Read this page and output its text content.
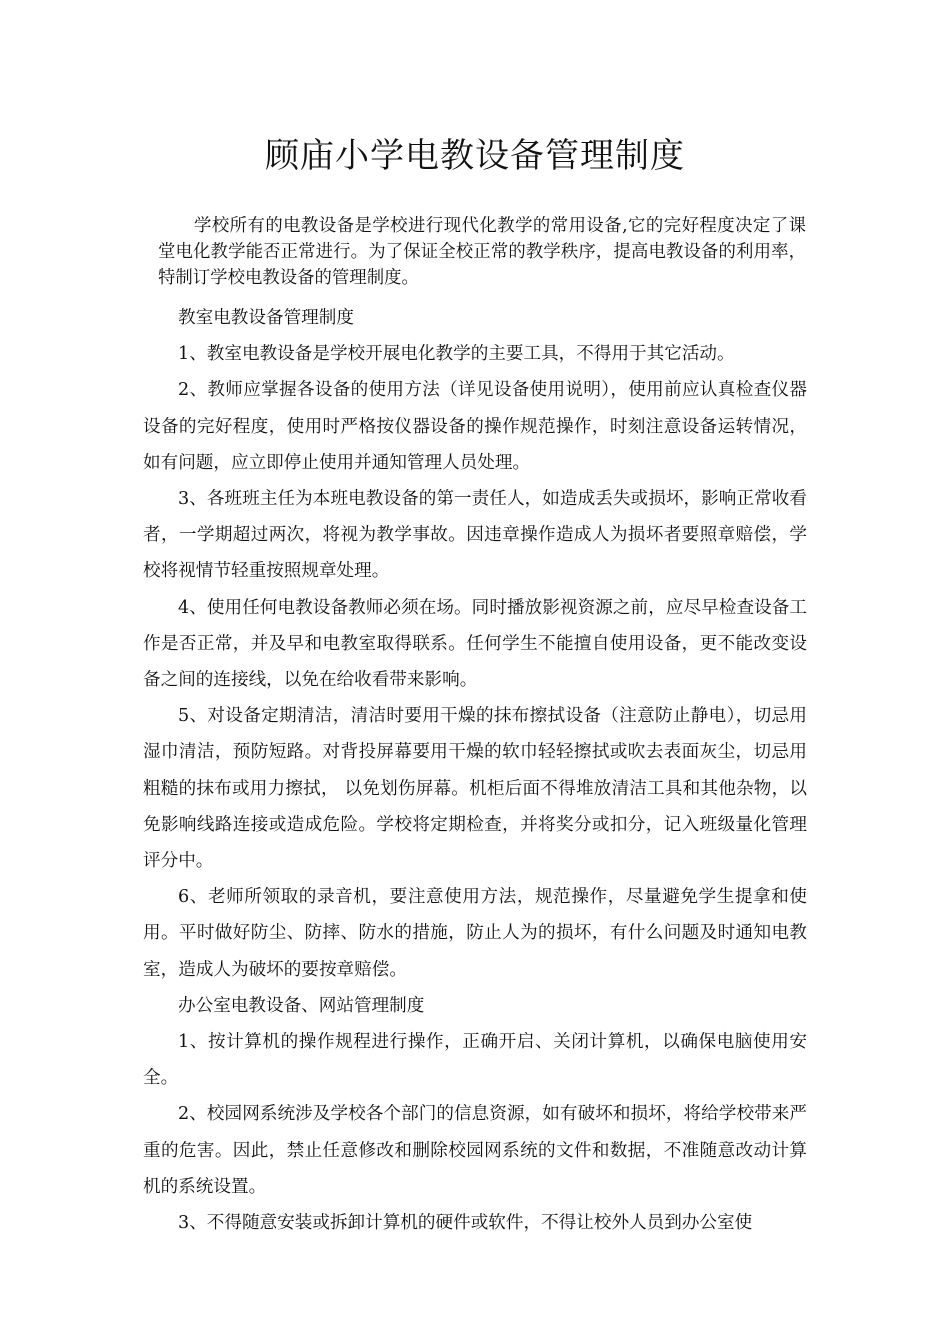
顾庙小学电教设备管理制度

学校所有的电教设备是学校进行现代化教学的常用设备,它的完好程度决定了课堂电化教学能否正常进行。为了保证全校正常的教学秩序，提高电教设备的利用率，特制订学校电教设备的管理制度。

教室电教设备管理制度

1、教室电教设备是学校开展电化教学的主要工具，不得用于其它活动。

2、教师应掌握各设备的使用方法（详见设备使用说明），使用前应认真检查仪器设备的完好程度，使用时严格按仪器设备的操作规范操作，时刻注意设备运转情况，如有问题，应立即停止使用并通知管理人员处理。

3、各班班主任为本班电教设备的第一责任人，如造成丢失或损坏，影响正常收看者，一学期超过两次，将视为教学事故。因违章操作造成人为损坏者要照章赔偿，学校将视情节轻重按照规章处理。

4、使用任何电教设备教师必须在场。同时播放影视资源之前，应尽早检查设备工作是否正常，并及早和电教室取得联系。任何学生不能擅自使用设备，更不能改变设备之间的连接线，以免在给收看带来影响。

5、对设备定期清洁，清洁时要用干燥的抹布擦拭设备（注意防止静电），切忌用湿巾清洁，预防短路。对背投屏幕要用干燥的软巾轻轻擦拭或吹去表面灰尘，切忌用粗糙的抹布或用力擦拭， 以免划伤屏幕。机柜后面不得堆放清洁工具和其他杂物，以免影响线路连接或造成危险。学校将定期检查，并将奖分或扣分，记入班级量化管理评分中。

6、老师所领取的录音机，要注意使用方法，规范操作，尽量避免学生提拿和使用。平时做好防尘、防摔、防水的措施，防止人为的损坏，有什么问题及时通知电教室，造成人为破坏的要按章赔偿。

办公室电教设备、网站管理制度

1、按计算机的操作规程进行操作，正确开启、关闭计算机，以确保电脑使用安全。

2、校园网系统涉及学校各个部门的信息资源，如有破坏和损坏，将给学校带来严重的危害。因此，禁止任意修改和删除校园网系统的文件和数据，不准随意改动计算机的系统设置。

3、不得随意安装或拆卸计算机的硬件或软件，不得让校外人员到办公室使
